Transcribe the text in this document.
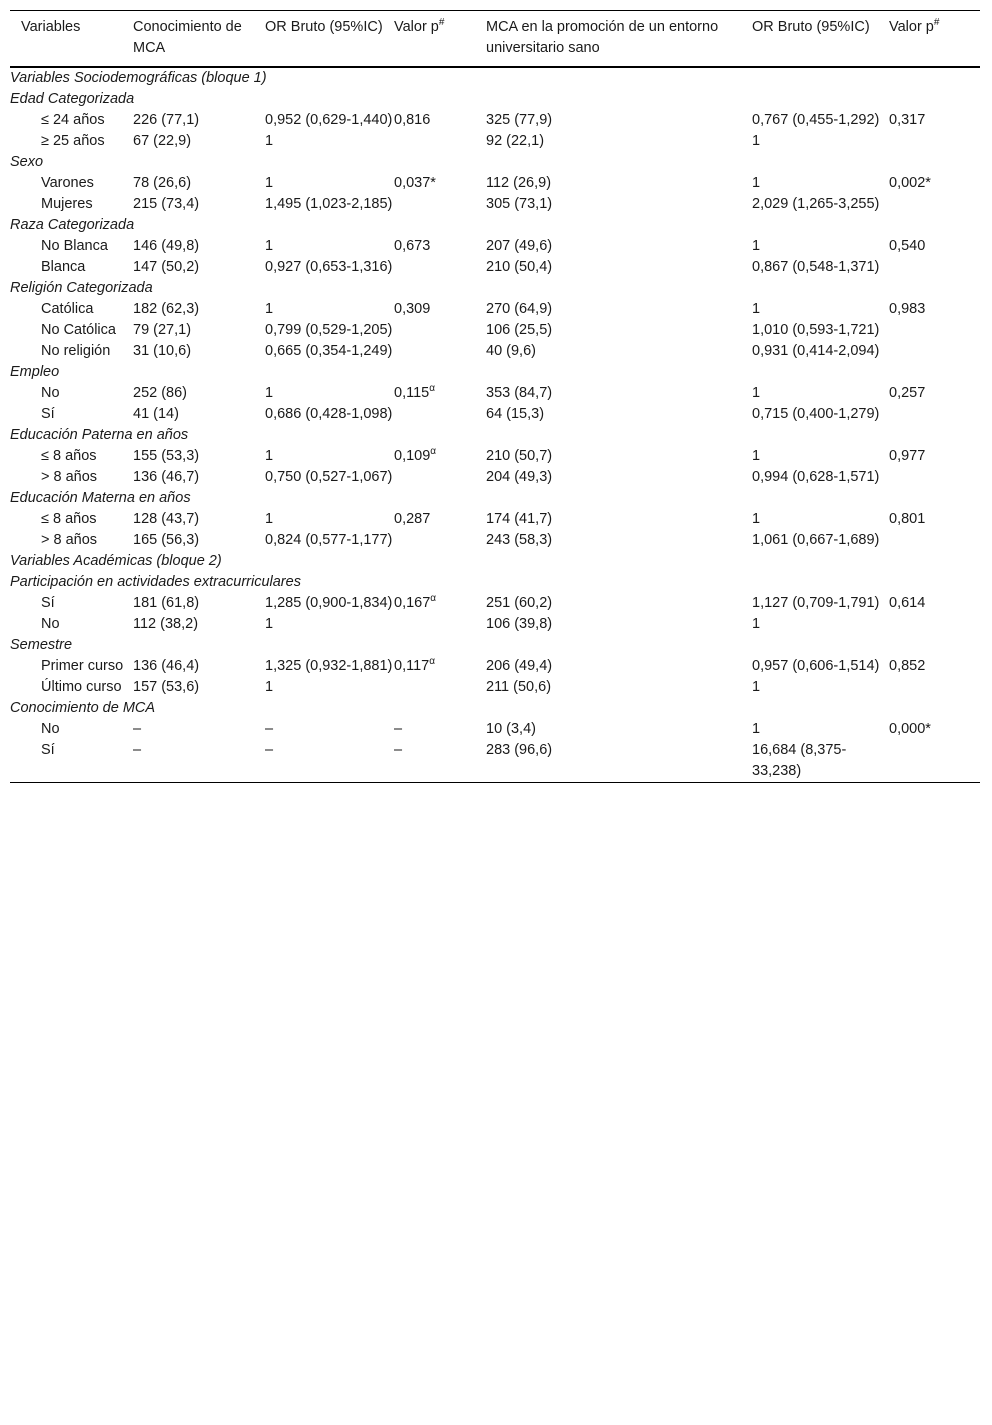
Variables	Conocimiento de MCA	OR Bruto (95%IC)	Valor p#	MCA en la promoción de un entorno universitario sano	OR Bruto (95%IC)	Valor p#
Variables Sociodemográficas (bloque 1)						
Edad Categorizada						
≤ 24 años	226 (77,1)	0,952 (0,629-1,440)	0,816	325 (77,9)	0,767 (0,455-1,292)	0,317
≥ 25 años	67 (22,9)	1		92 (22,1)	1	
Sexo						
Varones	78 (26,6)	1	0,037*	112 (26,9)	1	0,002*
Mujeres	215 (73,4)	1,495 (1,023-2,185)		305 (73,1)	2,029 (1,265-3,255)	
Raza Categorizada						
No Blanca	146 (49,8)	1	0,673	207 (49,6)	1	0,540
Blanca	147 (50,2)	0,927 (0,653-1,316)		210 (50,4)	0,867 (0,548-1,371)	
Religión Categorizada						
Católica	182 (62,3)	1	0,309	270 (64,9)	1	0,983
No Católica	79 (27,1)	0,799 (0,529-1,205)		106 (25,5)	1,010 (0,593-1,721)	
No religión	31 (10,6)	0,665 (0,354-1,249)		40 (9,6)	0,931 (0,414-2,094)	
Empleo						
No	252 (86)	1	$0,115^\alpha$	353 (84,7)	1	0,257
Sí	41 (14)	0,686 (0,428-1,098)		64 (15,3)	0,715 (0,400-1,279)	
Educación Paterna en años						
≤ 8 años	155 (53,3)	1	$0,109^\alpha$	210 (50,7)	1	0,977
> 8 años	136 (46,7)	0,750 (0,527-1,067)		204 (49,3)	0,994 (0,628-1,571)	
Educación Materna en años						
≤ 8 años	128 (43,7)	1	0,287	174 (41,7)	1	0,801
> 8 años	165 (56,3)	0,824 (0,577-1,177)		243 (58,3)	1,061 (0,667-1,689)	
Variables Académicas (bloque 2)						
Participación en actividades extracurriculares						
Sí	181 (61,8)	1,285 (0,900-1,834)	$0,167^\alpha$	251 (60,2)	1,127 (0,709-1,791)	0,614
No	112 (38,2)	1		106 (39,8)	1	
Semestre						
Primer curso	136 (46,4)	1,325 (0,932-1,881)	$0,117^\alpha$	206 (49,4)	0,957 (0,606-1,514)	0,852
Último curso	157 (53,6)	1		211 (50,6)	1	
Conocimiento de MCA						
No	–	–	–	10 (3,4)	1	0,000*
Sí	–	–	–	283 (96,6)	16,684 (8,375-33,238)	
